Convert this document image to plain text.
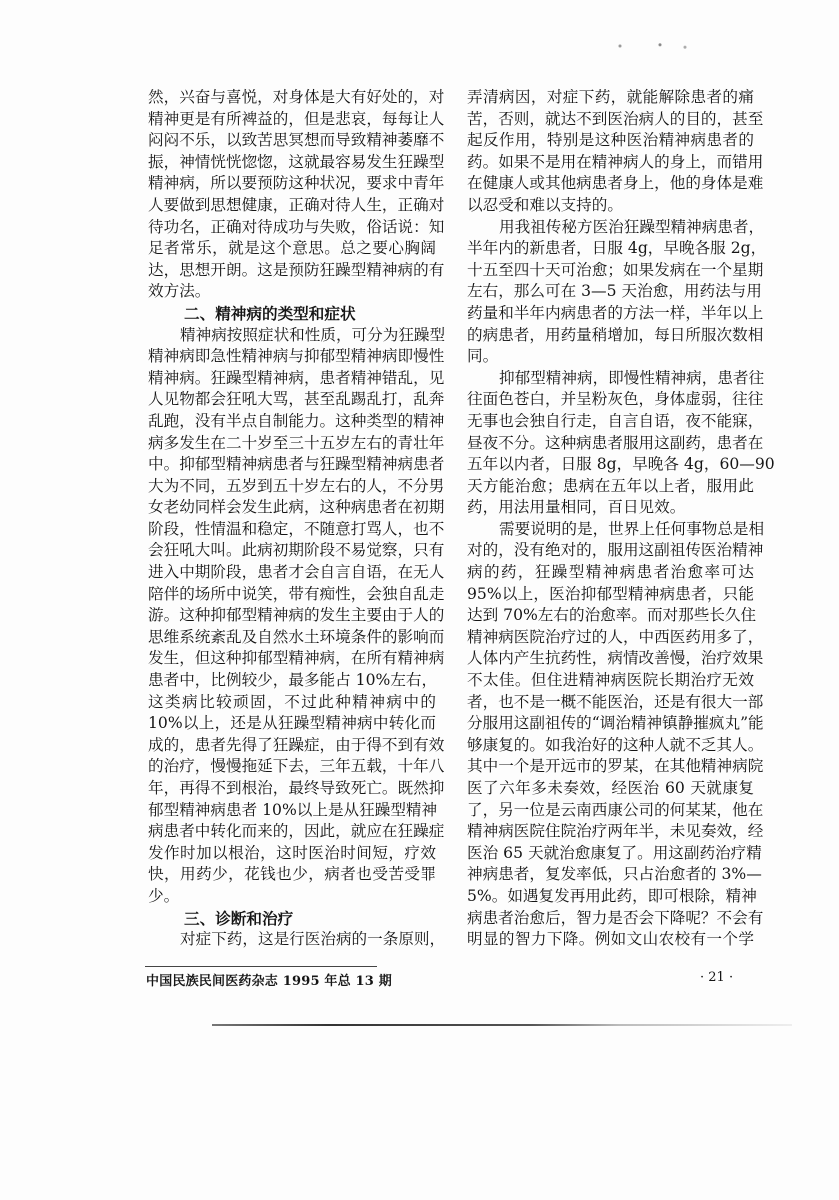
然，兴奋与喜悦，对身体是大有好处的，对
精神更是有所裨益的，但是悲哀，每每让人
闷闷不乐，以致苦思冥想而导致精神萎靡不
振，神情恍恍惚惚，这就最容易发生狂躁型
精神病，所以要预防这种状况，要求中青年
人要做到思想健康，正确对待人生，正确对
待功名，正确对待成功与失败，俗话说：知
足者常乐，就是这个意思。总之要心胸阔
达，思想开朗。这是预防狂躁型精神病的有
效方法。
二、精神病的类型和症状
精神病按照症状和性质，可分为狂躁型
精神病即急性精神病与抑郁型精神病即慢性
精神病。狂躁型精神病，患者精神错乱，见
人见物都会狂吼大骂，甚至乱踢乱打，乱奔
乱跑，没有半点自制能力。这种类型的精神
病多发生在二十岁至三十五岁左右的青壮年
中。抑郁型精神病患者与狂躁型精神病患者
大为不同，五岁到五十岁左右的人，不分男
女老幼同样会发生此病，这种病患者在初期
阶段，性情温和稳定，不随意打骂人，也不
会狂吼大叫。此病初期阶段不易觉察，只有
进入中期阶段，患者才会自言自语，在无人
陪伴的场所中说笑，带有痴性，会独自乱走
游。这种抑郁型精神病的发生主要由于人的
思维系统紊乱及自然水土环境条件的影响而
发生，但这种抑郁型精神病，在所有精神病
患者中，比例较少，最多能占 10%左右，
这类病比较顽固，不过此种精神病中的
10%以上，还是从狂躁型精神病中转化而
成的，患者先得了狂躁症，由于得不到有效
的治疗，慢慢拖延下去，三年五载，十年八
年，再得不到根治，最终导致死亡。既然抑
郁型精神病患者 10%以上是从狂躁型精神
病患者中转化而来的，因此，就应在狂躁症
发作时加以根治，这时医治时间短，疗效
快，用药少，花钱也少，病者也受苦受罪
少。
三、诊断和治疗
对症下药，这是行医治病的一条原则，
弄清病因，对症下药，就能解除患者的痛
苦，否则，就达不到医治病人的目的，甚至
起反作用，特别是这种医治精神病患者的
药。如果不是用在精神病人的身上，而错用
在健康人或其他病患者身上，他的身体是难
以忍受和难以支持的。
用我祖传秘方医治狂躁型精神病患者，
半年内的新患者，日服 4g，早晚各服 2g，
十五至四十天可治愈；如果发病在一个星期
左右，那么可在 3—5 天治愈，用药法与用
药量和半年内病患者的方法一样，半年以上
的病患者，用药量稍增加，每日所服次数相
同。
抑郁型精神病，即慢性精神病，患者往
往面色苍白，并呈粉灰色，身体虚弱，往往
无事也会独自行走，自言自语，夜不能寐，
昼夜不分。这种病患者服用这副药，患者在
五年以内者，日服 8g，早晚各 4g，60—90
天方能治愈；患病在五年以上者，服用此
药，用法用量相同，百日见效。
需要说明的是，世界上任何事物总是相
对的，没有绝对的，服用这副祖传医治精神
病的药，狂躁型精神病患者治愈率可达
95%以上，医治抑郁型精神病患者，只能
达到 70%左右的治愈率。而对那些长久住
精神病医院治疗过的人，中西医药用多了，
人体内产生抗药性，病情改善慢，治疗效果
不太佳。但住进精神病医院长期治疗无效
者，也不是一概不能医治，还是有很大一部
分服用这副祖传的“调治精神镇静摧疯丸”能
够康复的。如我治好的这种人就不乏其人。
其中一个是开远市的罗某，在其他精神病院
医了六年多未奏效，经医治 60 天就康复
了，另一位是云南西康公司的何某某，他在
精神病医院住院治疗两年半，未见奏效，经
医治 65 天就治愈康复了。用这副药治疗精
神病患者，复发率低，只占治愈者的 3%—
5%。如遇复发再用此药，即可根除，精神
病患者治愈后，智力是否会下降呢？不会有
明显的智力下降。例如文山农校有一个学
中国民族民间医药杂志 1995 年总 13 期	· 21 ·
